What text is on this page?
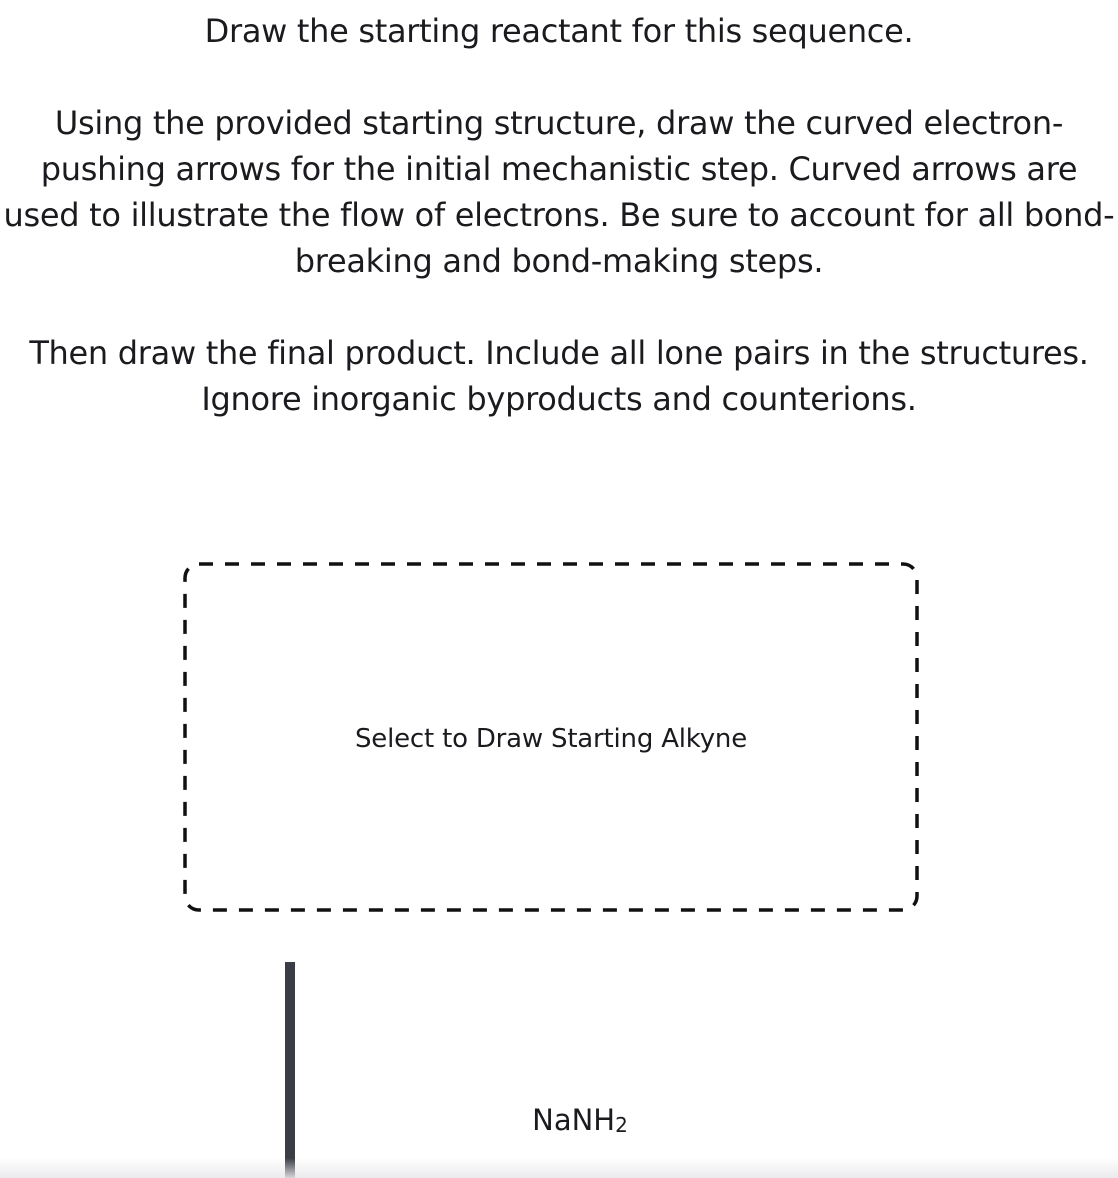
Draw the starting reactant for this sequence.

Using the provided starting structure, draw the curved electron-pushing arrows for the initial mechanistic step. Curved arrows are used to illustrate the flow of electrons. Be sure to account for all bond-breaking and bond-making steps.

Then draw the final product. Include all lone pairs in the structures. Ignore inorganic byproducts and counterions.

Select to Draw Starting Alkyne
NaNH$_2$
